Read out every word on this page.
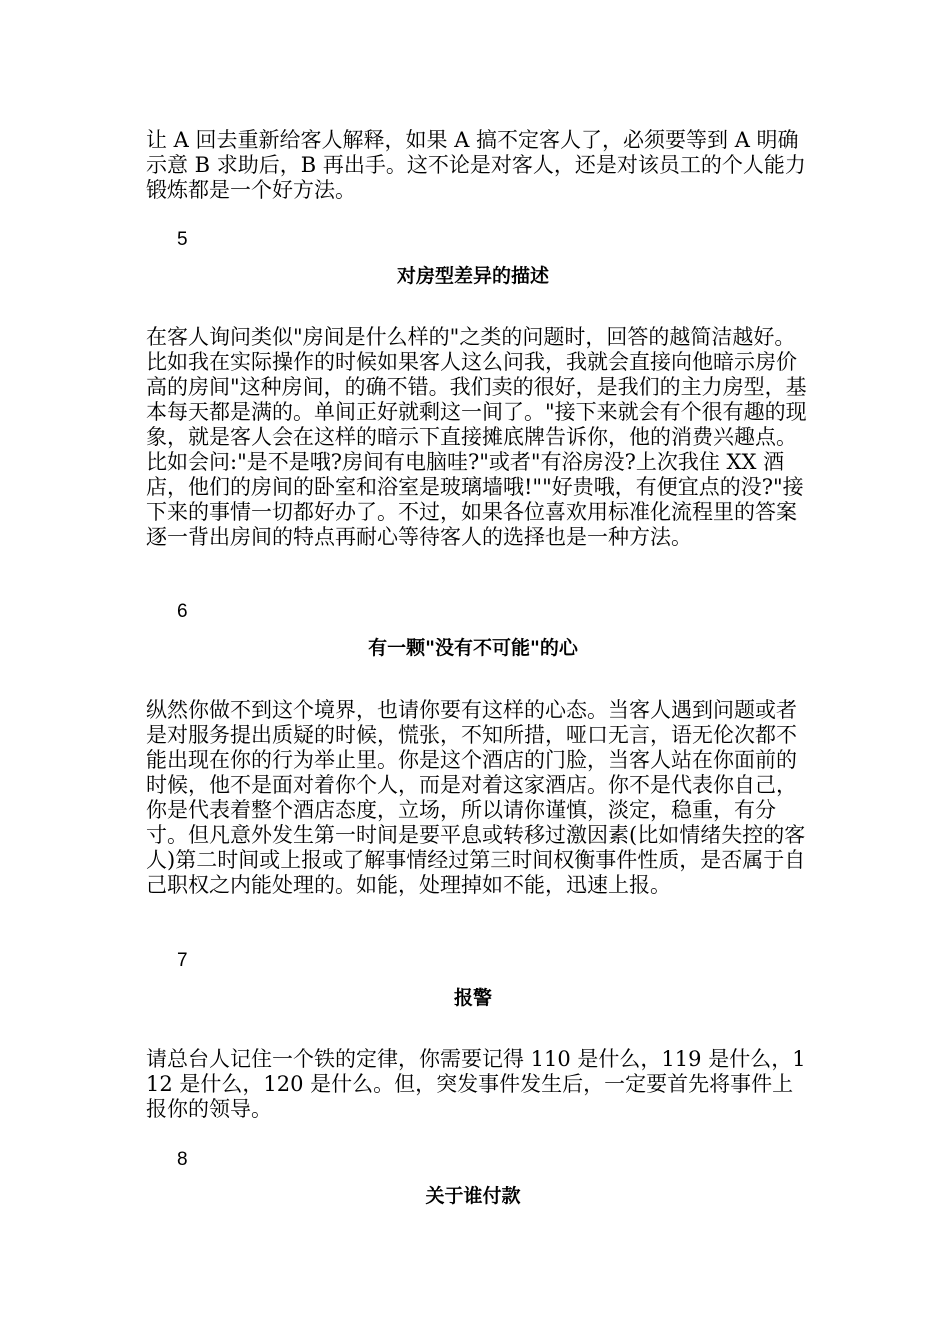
让 A 回去重新给客人解释，如果 A 搞不定客人了，必须要等到 A 明确示意 B 求助后，B 再出手。这不论是对客人，还是对该员工的个人能力锻炼都是一个好方法。

5

对房型差异的描述

在客人询问类似"房间是什么样的"之类的问题时，回答的越简洁越好。比如我在实际操作的时候如果客人这么问我，我就会直接向他暗示房价高的房间"这种房间，的确不错。我们卖的很好，是我们的主力房型，基本每天都是满的。单间正好就剩这一间了。"接下来就会有个很有趣的现象，就是客人会在这样的暗示下直接摊底牌告诉你，他的消费兴趣点。比如会问:"是不是哦?房间有电脑哇?"或者"有浴房没?上次我住 XX 酒店，他们的房间的卧室和浴室是玻璃墙哦!""好贵哦，有便宜点的没?"接下来的事情一切都好办了。不过，如果各位喜欢用标准化流程里的答案逐一背出房间的特点再耐心等待客人的选择也是一种方法。

6

有一颗"没有不可能"的心

纵然你做不到这个境界，也请你要有这样的心态。当客人遇到问题或者是对服务提出质疑的时候，慌张，不知所措，哑口无言，语无伦次都不能出现在你的行为举止里。你是这个酒店的门脸，当客人站在你面前的时候，他不是面对着你个人，而是对着这家酒店。你不是代表你自己，你是代表着整个酒店态度，立场，所以请你谨慎，淡定，稳重，有分寸。但凡意外发生第一时间是要平息或转移过激因素(比如情绪失控的客人)第二时间或上报或了解事情经过第三时间权衡事件性质，是否属于自己职权之内能处理的。如能，处理掉如不能，迅速上报。

7

报警

请总台人记住一个铁的定律，你需要记得 110 是什么，119 是什么，112 是什么，120 是什么。但，突发事件发生后，一定要首先将事件上报你的领导。

8

关于谁付款
